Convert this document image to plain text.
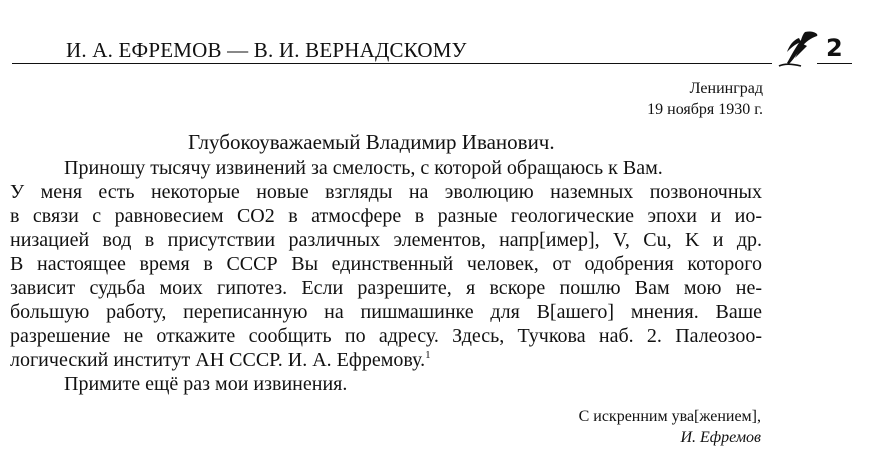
И. А. ЕФРЕМОВ — В. И. ВЕРНАДСКОМУ	2
Ленинград
19 ноября 1930 г.
Глубокоуважаемый Владимир Иванович.
Приношу тысячу извинений за смелость, с которой обращаюсь к Вам.
У меня есть некоторые новые взгляды на эволюцию наземных позвоночных
в связи с равновесием СО2 в атмосфере в разные геологические эпохи и ио-
низацией вод в присутствии различных элементов, напр[имер], V, Cu, K и др.
В настоящее время в СССР Вы единственный человек, от одобрения которого
зависит судьба моих гипотез. Если разрешите, я вскоре пошлю Вам мою не-
большую работу, переписанную на пишмашинке для В[ашего] мнения. Ваше
разрешение не откажите сообщить по адресу. Здесь, Тучкова наб. 2. Палеозоо-
логический институт АН СССР. И. А. Ефремову.$^1$
Примите ещё раз мои извинения.
С искренним ува[жением],
И. Ефремов
